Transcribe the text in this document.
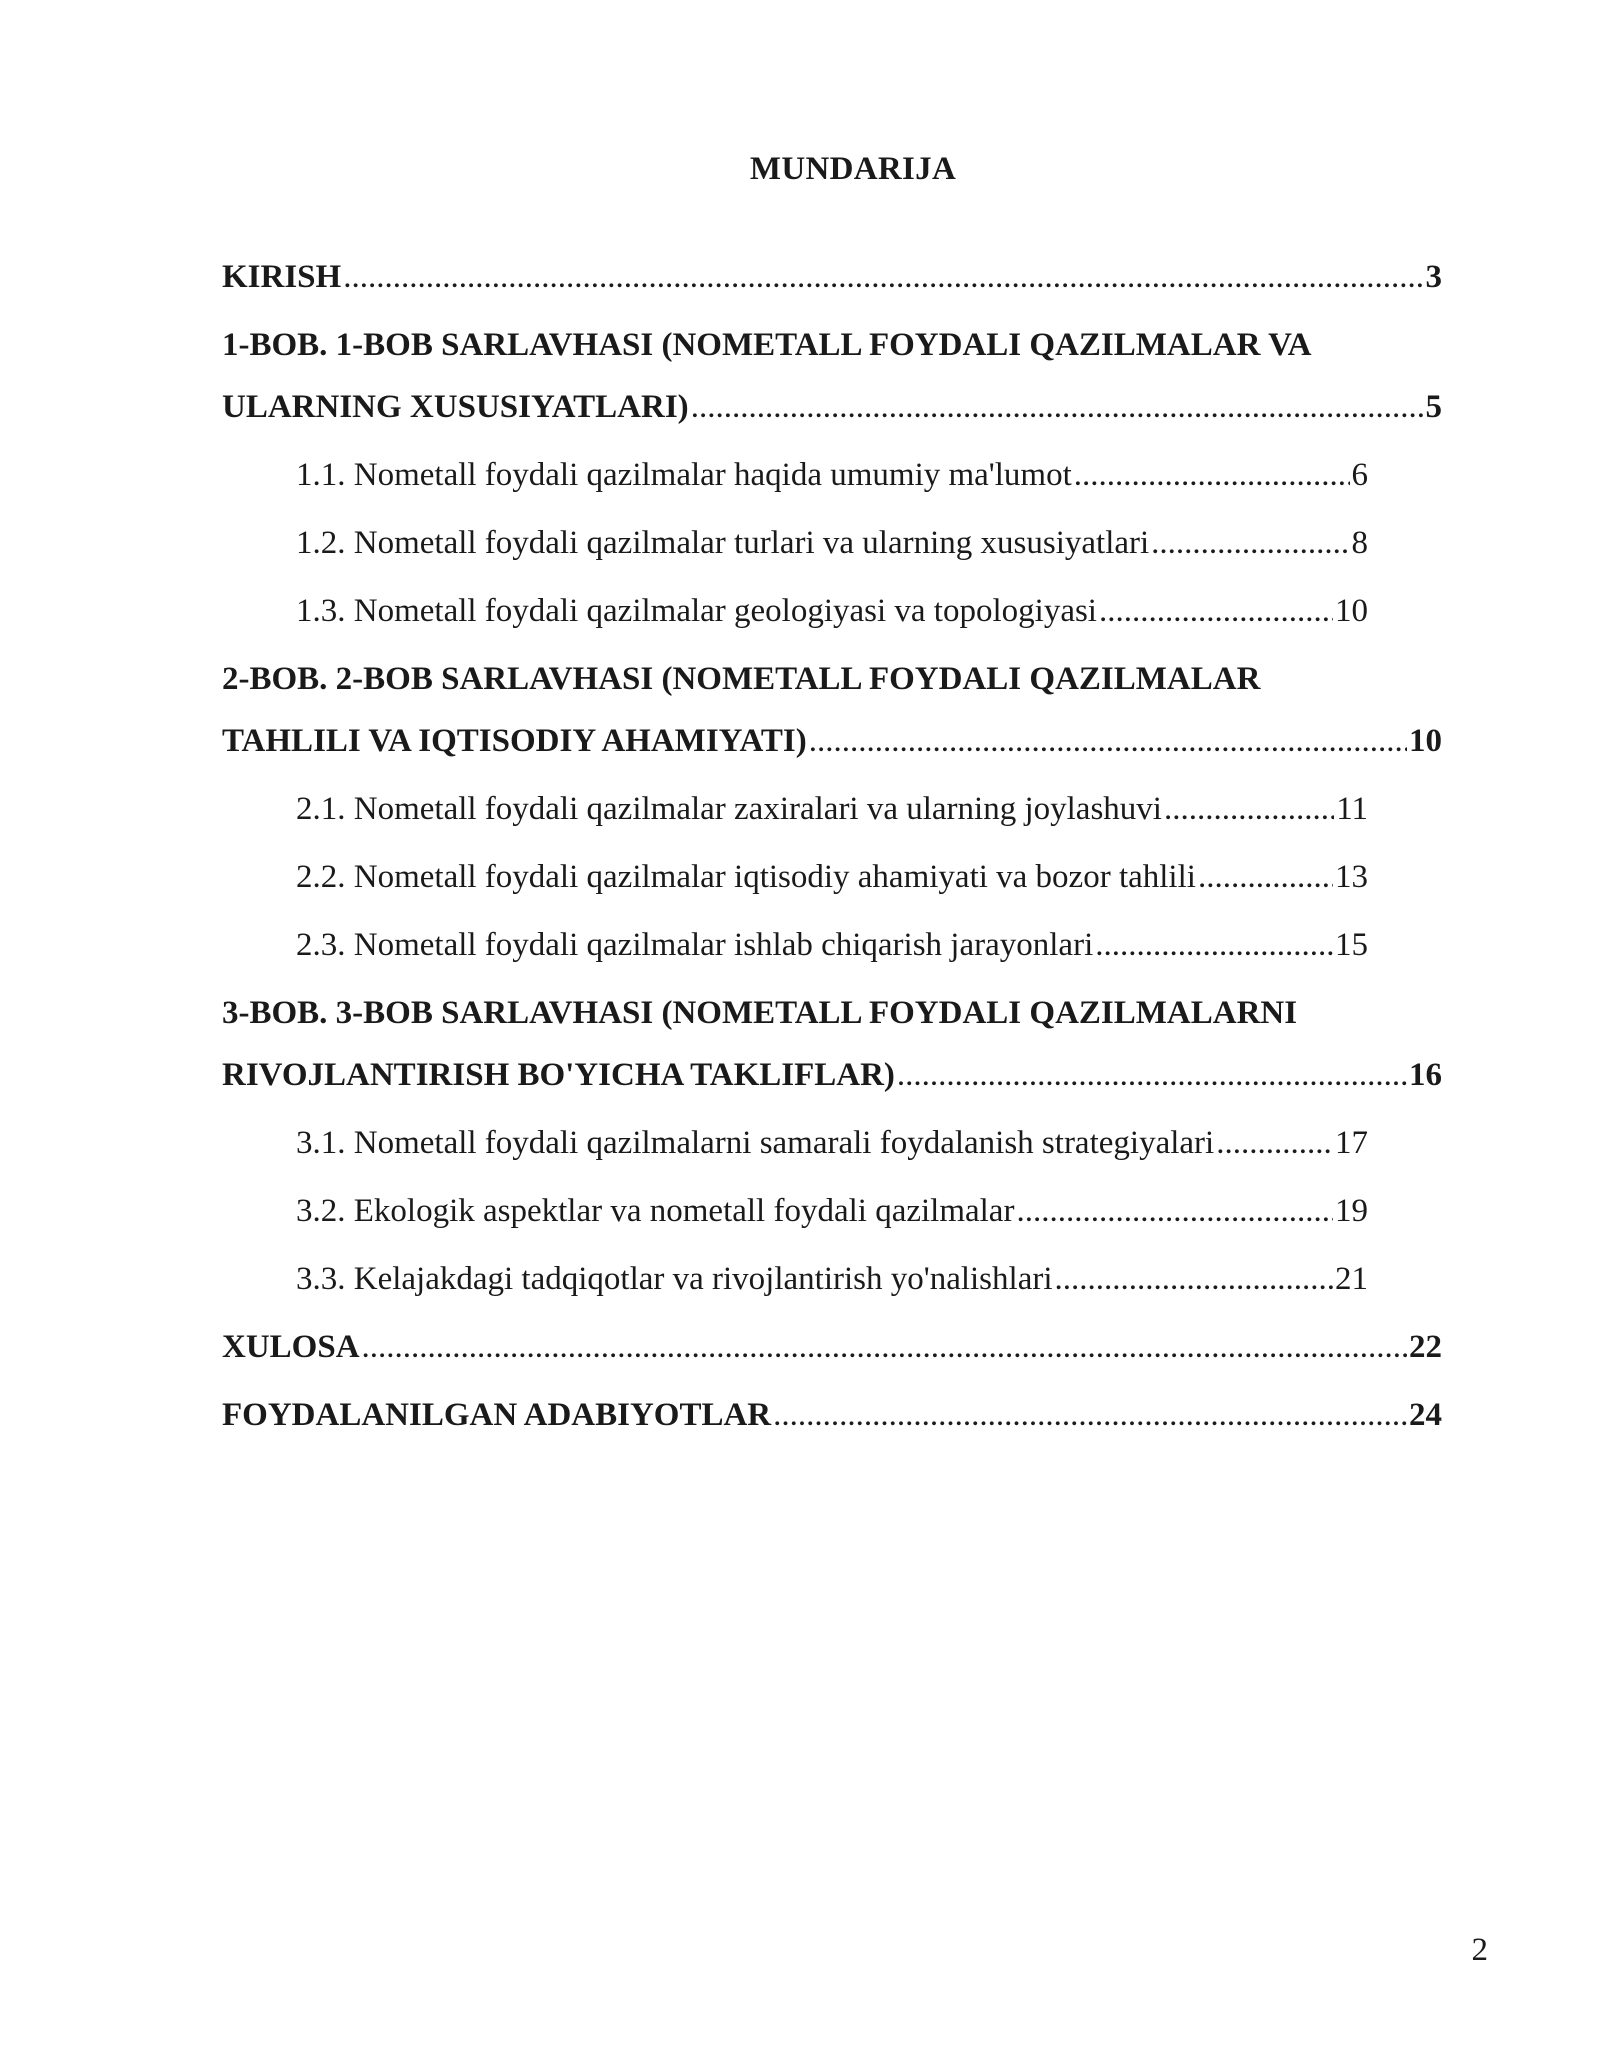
MUNDARIJA
KIRISH .....	3
1-BOB. 1-BOB SARLAVHASI (NOMETALL FOYDALI QAZILMALAR VA
ULARNING XUSUSIYATLARI) .....	5
1.1. Nometall foydali qazilmalar haqida umumiy ma'lumot .....	6
1.2. Nometall foydali qazilmalar turlari va ularning xususiyatlari .....	8
1.3. Nometall foydali qazilmalar geologiyasi va topologiyasi .....	10
2-BOB. 2-BOB SARLAVHASI (NOMETALL FOYDALI QAZILMALAR
TAHLILI VA IQTISODIY AHAMIYATI) .....	10
2.1. Nometall foydali qazilmalar zaxiralari va ularning joylashuvi .....	11
2.2. Nometall foydali qazilmalar iqtisodiy ahamiyati va bozor tahlili .....	13
2.3. Nometall foydali qazilmalar ishlab chiqarish jarayonlari .....	15
3-BOB. 3-BOB SARLAVHASI (NOMETALL FOYDALI QAZILMALARNI
RIVOJLANTIRISH BO'YICHA TAKLIFLAR) .....	16
3.1. Nometall foydali qazilmalarni samarali foydalanish strategiyalari .....	17
3.2. Ekologik aspektlar va nometall foydali qazilmalar .....	19
3.3. Kelajakdagi tadqiqotlar va rivojlantirish yo'nalishlari .....	21
XULOSA .....	22
FOYDALANILGAN ADABIYOTLAR .....	24
2
